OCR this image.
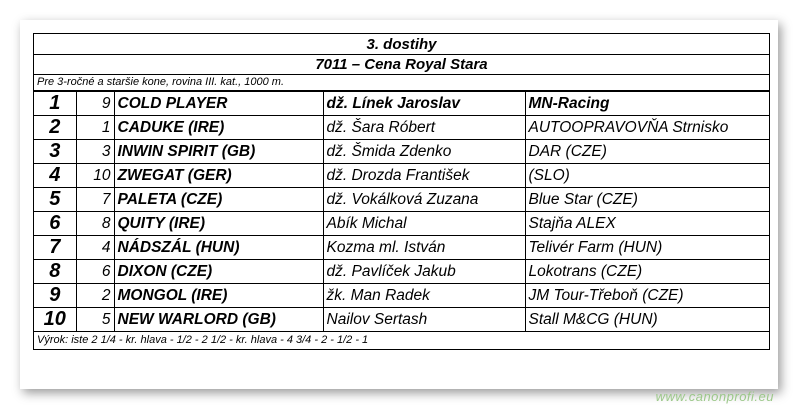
3. dostihy
7011 – Cena Royal Stara
Pre 3-ročné a staršie kone, rovina III. kat., 1000 m.
1	9	COLD PLAYER	dž. Línek Jaroslav	MN-Racing
2	1	CADUKE (IRE)	dž. Šara Róbert	AUTOOPRAVOVŇA Strnisko
3	3	INWIN SPIRIT (GB)	dž. Šmida Zdenko	DAR (CZE)
4	10	ZWEGAT (GER)	dž. Drozda František	(SLO)
5	7	PALETA (CZE)	dž. Vokálková Zuzana	Blue Star (CZE)
6	8	QUITY (IRE)	Abík Michal	Stajňa ALEX
7	4	NÁDSZÁL (HUN)	Kozma ml. István	Telivér Farm (HUN)
8	6	DIXON (CZE)	dž. Pavlíček Jakub	Lokotrans (CZE)
9	2	MONGOL (IRE)	žk. Man Radek	JM Tour-Třeboň (CZE)
10	5	NEW WARLORD (GB)	Nailov Sertash	Stall M&CG (HUN)
Výrok: iste 2 1/4 - kr. hlava - 1/2 - 2 1/2 - kr. hlava - 4 3/4 - 2 - 1/2 - 1
www.canonprofi.eu
